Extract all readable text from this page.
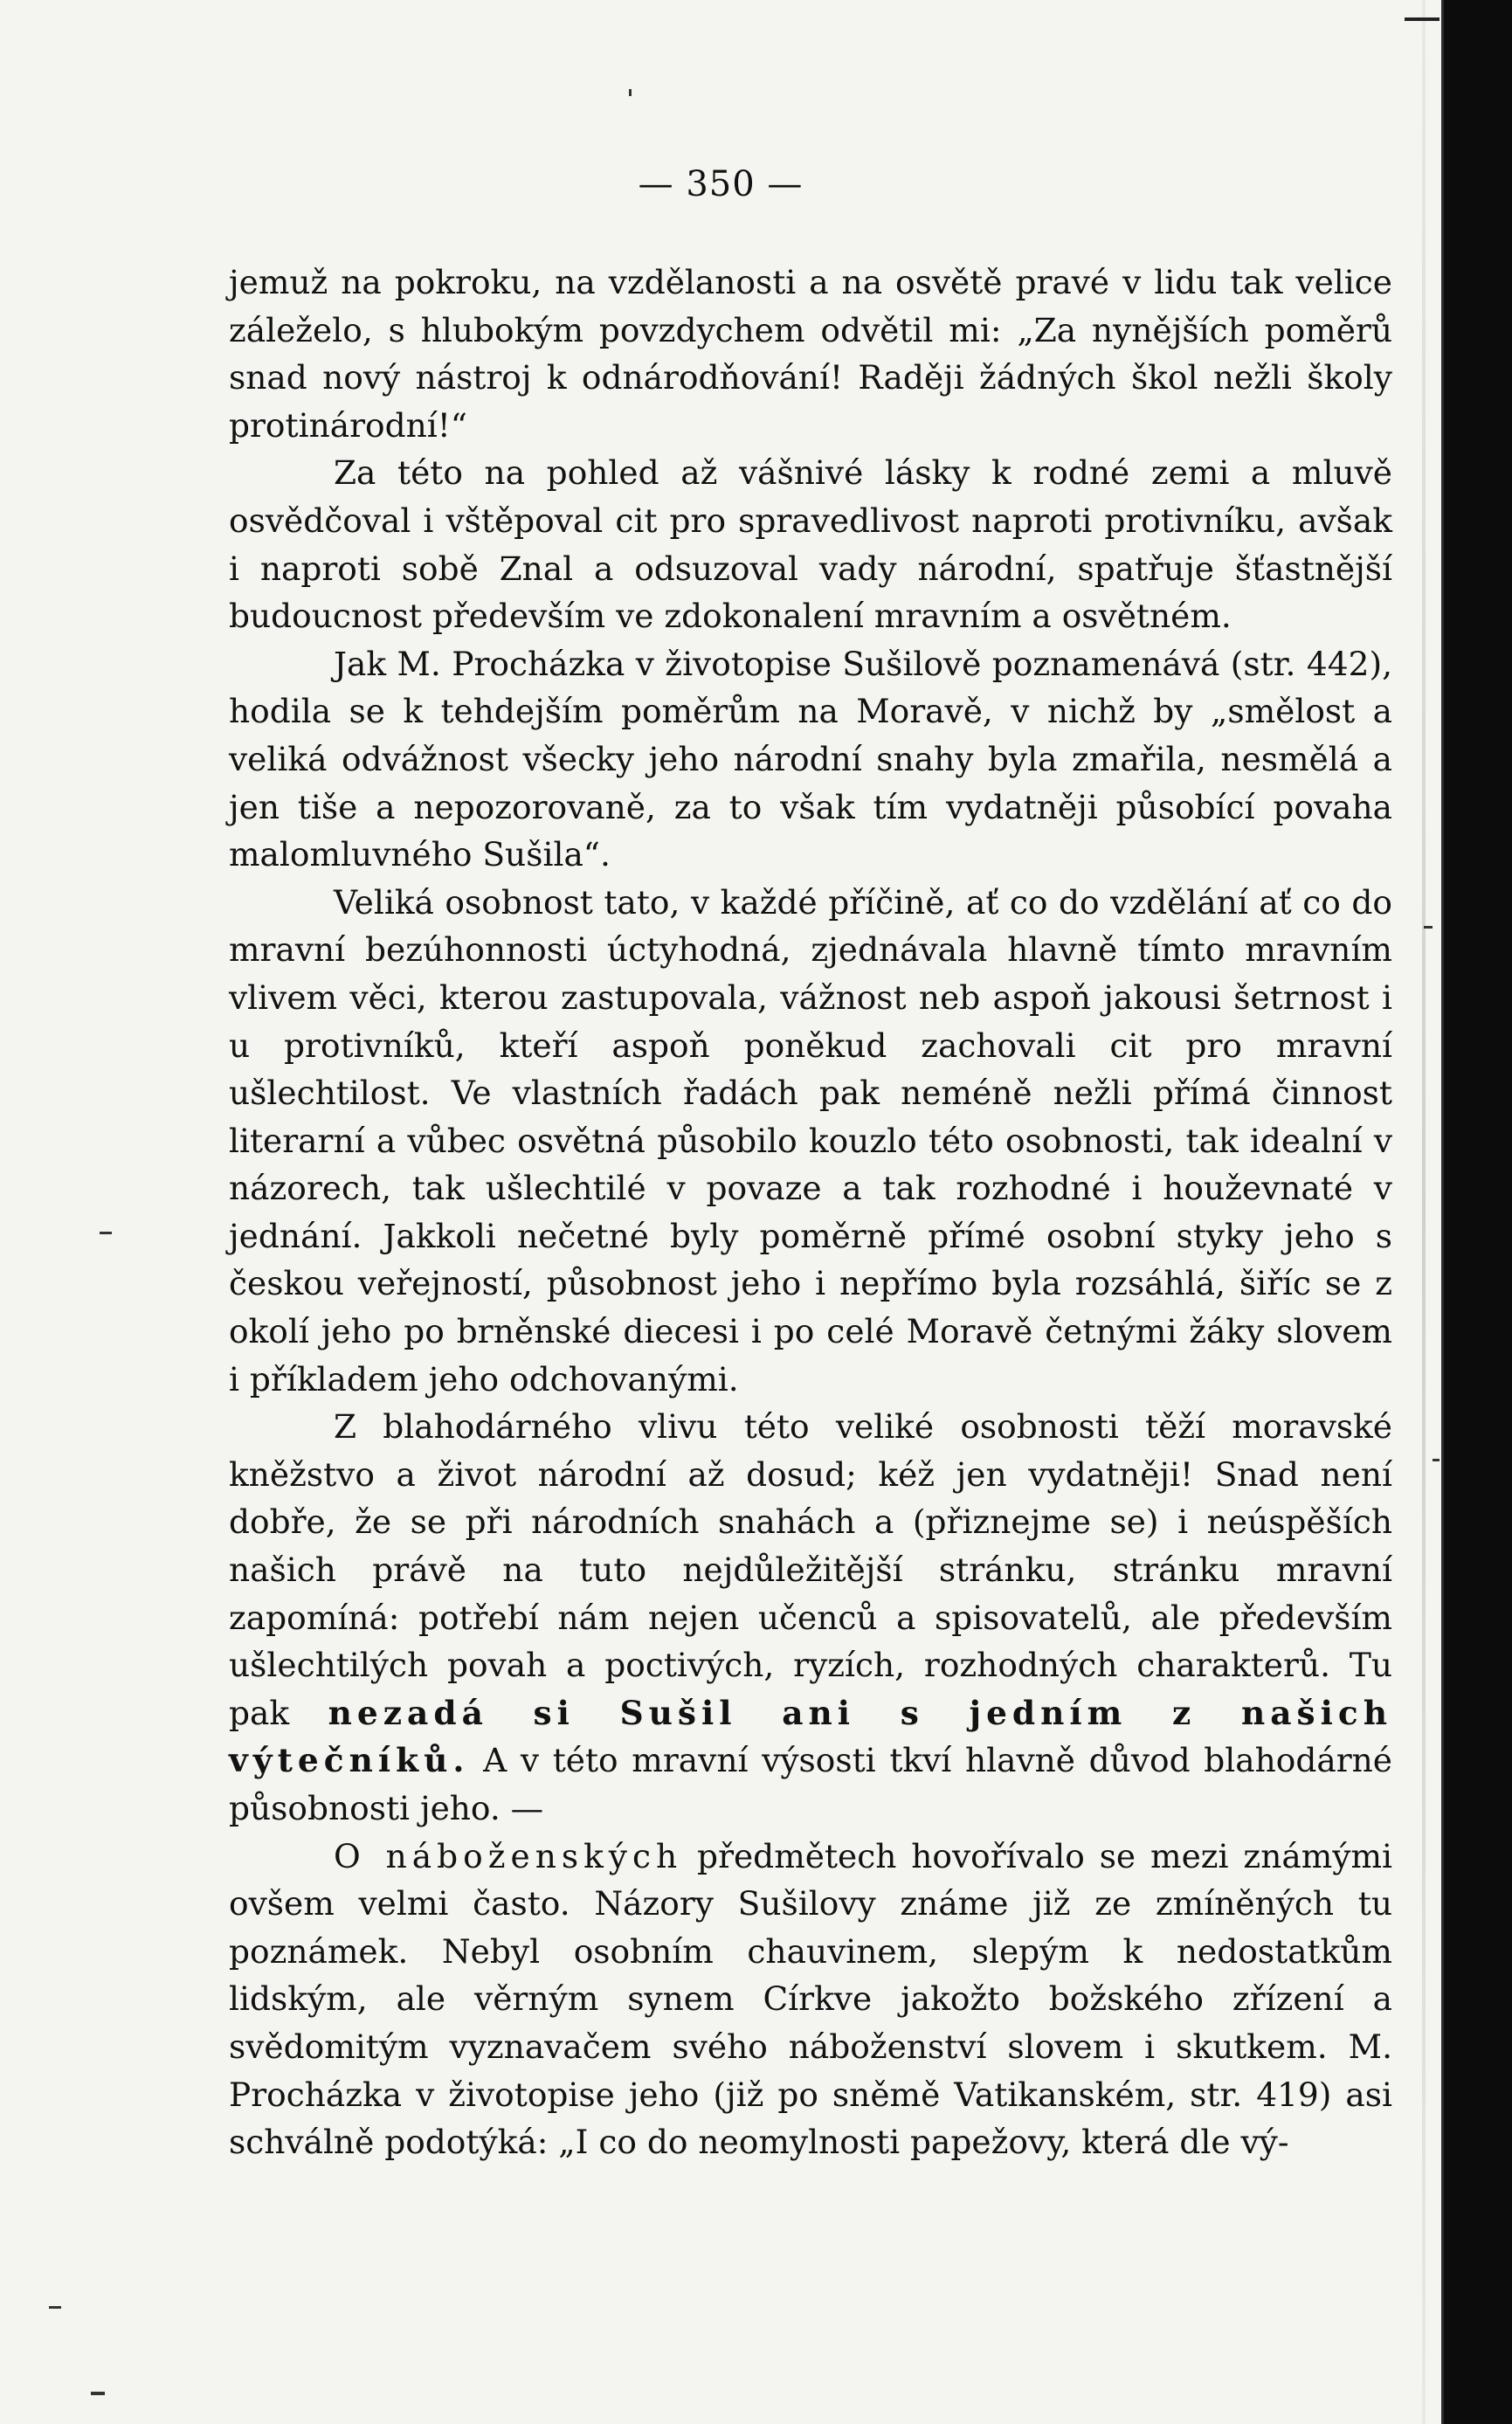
— 350 —

jemuž na pokroku, na vzdělanosti a na osvětě pravé v lidu tak velice záleželo, s hlubokým povzdychem odvětil mi: „Za nynějších poměrů snad nový nástroj k odnárodňování! Raději žádných škol nežli školy protinárodní!“

Za této na pohled až vášnivé lásky k rodné zemi a mluvě osvědčoval i vštěpoval cit pro spravedlivost naproti protivníku, avšak i naproti sobě Znal a odsuzoval vady národní, spatřuje šťastnější budoucnost především ve zdokonalení mravním a osvětném.

Jak M. Procházka v životopise Sušilově poznamenává (str. 442), hodila se k tehdejším poměrům na Moravě, v nichž by „smělost a veliká odvážnost všecky jeho národní snahy byla zmařila, nesmělá a jen tiše a nepozorovaně, za to však tím vydatněji působící povaha malomluvného Sušila“.

Veliká osobnost tato, v každé příčině, ať co do vzdělání ať co do mravní bezúhonnosti úctyhodná, zjednávala hlavně tímto mravním vlivem věci, kterou zastupovala, vážnost neb aspoň jakousi šetrnost i u protivníků, kteří aspoň poněkud zachovali cit pro mravní ušlechtilost. Ve vlastních řadách pak neméně nežli přímá činnost literarní a vůbec osvětná působilo kouzlo této osobnosti, tak idealní v názorech, tak ušlechtilé v povaze a tak rozhodné i houževnaté v jednání. Jakkoli nečetné byly poměrně přímé osobní styky jeho s českou veřejností, působnost jeho i nepřímo byla rozsáhlá, šiříc se z okolí jeho po brněnské diecesi i po celé Moravě četnými žáky slovem i příkladem jeho odchovanými.

Z blahodárného vlivu této veliké osobnosti těží moravské kněžstvo a život národní až dosud; kéž jen vydatněji! Snad není dobře, že se při národních snahách a (přiznejme se) i neúspěších našich právě na tuto nejdůležitější stránku, stránku mravní zapomíná: potřebí nám nejen učenců a spisovatelů, ale především ušlechtilých povah a poctivých, ryzích, rozhodných charakterů. Tu pak nezadá si Sušil ani s jedním z našich výtečníků. A v této mravní výsosti tkví hlavně důvod blahodárné působnosti jeho. —

O náboženských předmětech hovořívalo se mezi známými ovšem velmi často. Názory Sušilovy známe již ze zmíněných tu poznámek. Nebyl osobním chauvinem, slepým k nedostatkům lidským, ale věrným synem Církve jakožto božského zřízení a svědomitým vyznavačem svého náboženství slovem i skutkem. M. Procházka v životopise jeho (již po sněmě Vatikanském, str. 419) asi schválně podotýká: „I co do neomylnosti papežovy, která dle vý-
